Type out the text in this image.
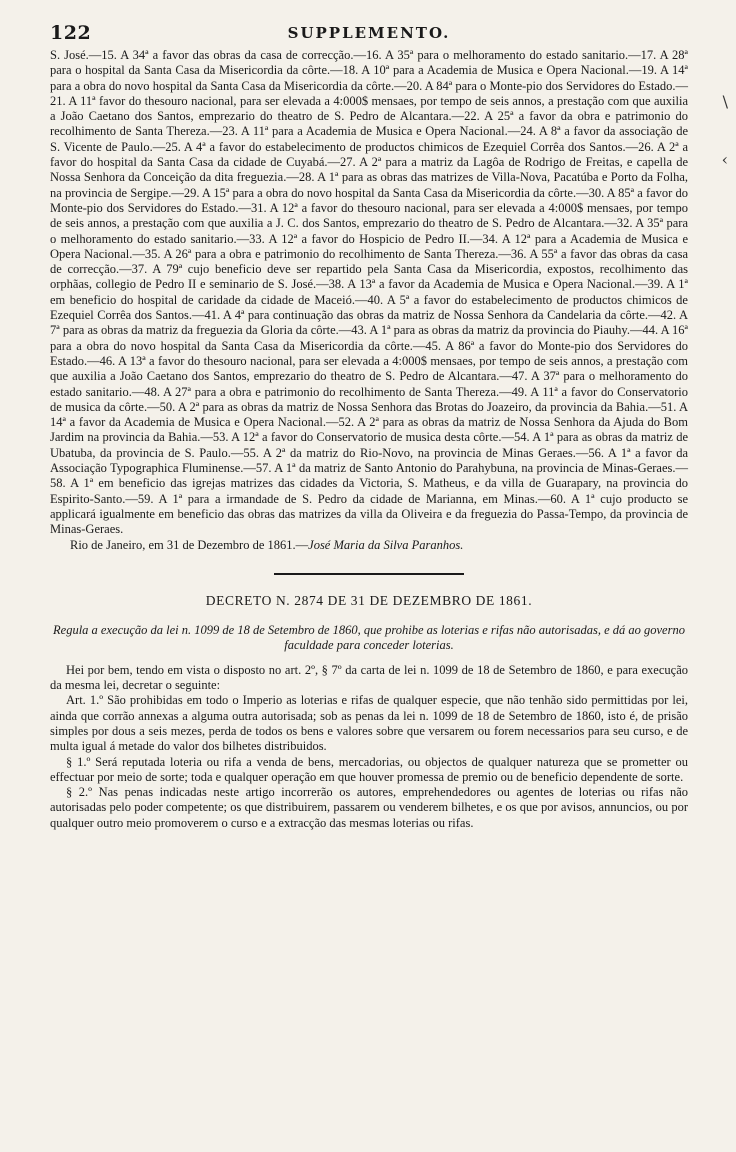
122	SUPPLEMENTO.

S. José.—15. A 34ª a favor das obras da casa de correcção.—16. A 35ª para o melhoramento do estado sanitario.—17. A 28ª para o hospital da Santa Casa da Misericordia da côrte.—18. A 10ª para a Academia de Musica e Opera Nacional.—19. A 14ª para a obra do novo hospital da Santa Casa da Misericordia da côrte.—20. A 84ª para o Monte-pio dos Servidores do Estado.—21. A 11ª favor do thesouro nacional, para ser elevada a 4:000$ mensaes, por tempo de seis annos, a prestação com que auxilia a João Caetano dos Santos, emprezario do theatro de S. Pedro de Alcantara.—22. A 25ª a favor da obra e patrimonio do recolhimento de Santa Thereza.—23. A 11ª para a Academia de Musica e Opera Nacional.—24. A 8ª a favor da associação de S. Vicente de Paulo.—25. A 4ª a favor do estabelecimento de productos chimicos de Ezequiel Corrêa dos Santos.—26. A 2ª a favor do hospital da Santa Casa da cidade de Cuyabá.—27. A 2ª para a matriz da Lagôa de Rodrigo de Freitas, e capella de Nossa Senhora da Conceição da dita freguezia.—28. A 1ª para as obras das matrizes de Villa-Nova, Pacatúba e Porto da Folha, na provincia de Sergipe.—29. A 15ª para a obra do novo hospital da Santa Casa da Misericordia da côrte.—30. A 85ª a favor do Monte-pio dos Servidores do Estado.—31. A 12ª a favor do thesouro nacional, para ser elevada a 4:000$ mensaes, por tempo de seis annos, a prestação com que auxilia a J. C. dos Santos, emprezario do theatro de S. Pedro de Alcantara.—32. A 35ª para o melhoramento do estado sanitario.—33. A 12ª a favor do Hospicio de Pedro II.—34. A 12ª para a Academia de Musica e Opera Nacional.—35. A 26ª para a obra e patrimonio do recolhimento de Santa Thereza.—36. A 55ª a favor das obras da casa de correcção.—37. A 79ª cujo beneficio deve ser repartido pela Santa Casa da Misericordia, expostos, recolhimento das orphãas, collegio de Pedro II e seminario de S. José.—38. A 13ª a favor da Academia de Musica e Opera Nacional.—39. A 1ª em beneficio do hospital de caridade da cidade de Maceió.—40. A 5ª a favor do estabelecimento de productos chimicos de Ezequiel Corrêa dos Santos.—41. A 4ª para continuação das obras da matriz de Nossa Senhora da Candelaria da côrte.—42. A 7ª para as obras da matriz da freguezia da Gloria da côrte.—43. A 1ª para as obras da matriz da provincia do Piauhy.—44. A 16ª para a obra do novo hospital da Santa Casa da Misericordia da côrte.—45. A 86ª a favor do Monte-pio dos Servidores do Estado.—46. A 13ª a favor do thesouro nacional, para ser elevada a 4:000$ mensaes, por tempo de seis annos, a prestação com que auxilia a João Caetano dos Santos, emprezario do theatro de S. Pedro de Alcantara.—47. A 37ª para o melhoramento do estado sanitario.—48. A 27ª para a obra e patrimonio do recolhimento de Santa Thereza.—49. A 11ª a favor do Conservatorio de musica da côrte.—50. A 2ª para as obras da matriz de Nossa Senhora das Brotas do Joazeiro, da provincia da Bahia.—51. A 14ª a favor da Academia de Musica e Opera Nacional.—52. A 2ª para as obras da matriz de Nossa Senhora da Ajuda do Bom Jardim na provincia da Bahia.—53. A 12ª a favor do Conservatorio de musica desta côrte.—54. A 1ª para as obras da matriz de Ubatuba, da provincia de S. Paulo.—55. A 2ª da matriz do Rio-Novo, na provincia de Minas Geraes.—56. A 1ª a favor da Associação Typographica Fluminense.—57. A 1ª da matriz de Santo Antonio do Parahybuna, na provincia de Minas-Geraes.—58. A 1ª em beneficio das igrejas matrizes das cidades da Victoria, S. Matheus, e da villa de Guarapary, na provincia do Espirito-Santo.—59. A 1ª para a irmandade de S. Pedro da cidade de Marianna, em Minas.—60. A 1ª cujo producto se applicará igualmente em beneficio das obras das matrizes da villa da Oliveira e da freguezia do Passa-Tempo, da provincia de Minas-Geraes.

Rio de Janeiro, em 31 de Dezembro de 1861.—José Maria da Silva Paranhos.

DECRETO N. 2874 DE 31 DE DEZEMBRO DE 1861.

Regula a execução da lei n. 1099 de 18 de Setembro de 1860, que prohibe as loterias e rifas não autorisadas, e dá ao governo faculdade para conceder loterias.

Hei por bem, tendo em vista o disposto no art. 2º, § 7º da carta de lei n. 1099 de 18 de Setembro de 1860, e para execução da mesma lei, decretar o seguinte:

Art. 1.º São prohibidas em todo o Imperio as loterias e rifas de qualquer especie, que não tenhão sido permittidas por lei, ainda que corrão annexas a alguma outra autorisada; sob as penas da lei n. 1099 de 18 de Setembro de 1860, isto é, de prisão simples por dous a seis mezes, perda de todos os bens e valores sobre que versarem ou forem necessarios para seu curso, e de multa igual á metade do valor dos bilhetes distribuidos.

§ 1.º Será reputada loteria ou rifa a venda de bens, mercadorias, ou objectos de qualquer natureza que se prometter ou effectuar por meio de sorte; toda e qualquer operação em que houver promessa de premio ou de beneficio dependente de sorte.

§ 2.º Nas penas indicadas neste artigo incorrerão os autores, emprehendedores ou agentes de loterias ou rifas não autorisadas pelo poder competente; os que distribuirem, passarem ou venderem bilhetes, e os que por avisos, annuncios, ou por qualquer outro meio promoverem o curso e a extracção das mesmas loterias ou rifas.

\
‹
